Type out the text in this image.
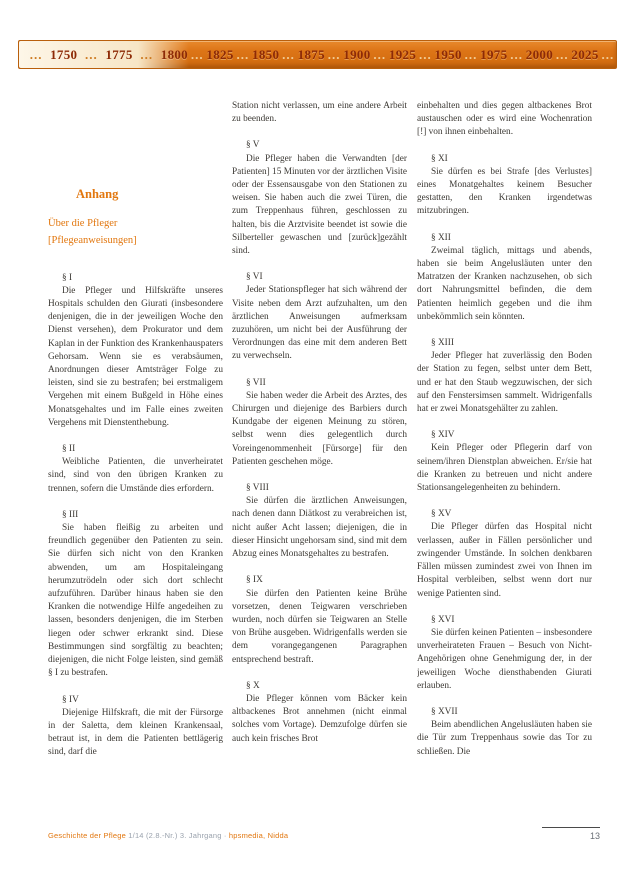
... 1750 ... 1775 ... 1800 ... 1825 ... 1850 ... 1875 ... 1900 ... 1925 ... 1950 ... 1975 ... 2000 ... 2025 ...
Anhang
Über die Pfleger
[Pflegeanweisungen]
§ I

Die Pfleger und Hilfskräfte unseres Hospitals schulden den Giurati (insbesondere denjenigen, die in der jeweiligen Woche den Dienst versehen), dem Prokurator und dem Kaplan in der Funktion des Krankenhauspaters Gehorsam. Wenn sie es verabsäumen, Anordnungen dieser Amtsträger Folge zu leisten, sind sie zu bestrafen; bei erstmaligem Vergehen mit einem Bußgeld in Höhe eines Monatsgehaltes und im Falle eines zweiten Vergehens mit Dienstenthebung.

§ II

Weibliche Patienten, die unverheiratet sind, sind von den übrigen Kranken zu trennen, sofern die Umstände dies erfordern.

§ III

Sie haben fleißig zu arbeiten und freundlich gegenüber den Patienten zu sein. Sie dürfen sich nicht von den Kranken abwenden, um am Hospitaleingang herumzutrödeln oder sich dort schlecht aufzuführen. Darüber hinaus haben sie den Kranken die notwendige Hilfe angedeihen zu lassen, besonders denjenigen, die im Sterben liegen oder schwer erkrankt sind. Diese Bestimmungen sind sorgfältig zu beachten; diejenigen, die nicht Folge leisten, sind gemäß § I zu bestrafen.

§ IV

Diejenige Hilfskraft, die mit der Fürsorge in der Saletta, dem kleinen Krankensaal, betraut ist, in dem die Patienten bettlägerig sind, darf die

Station nicht verlassen, um eine andere Arbeit zu beenden.

§ V

Die Pfleger haben die Verwandten [der Patienten] 15 Minuten vor der ärztlichen Visite oder der Essensausgabe von den Stationen zu weisen. Sie haben auch die zwei Türen, die zum Treppenhaus führen, geschlossen zu halten, bis die Arztvisite beendet ist sowie die Silberteller gewaschen und [zurück]gezählt sind.

§ VI

Jeder Stationspfleger hat sich während der Visite neben dem Arzt aufzuhalten, um den ärztlichen Anweisungen aufmerksam zuzuhören, um nicht bei der Ausführung der Verordnungen das eine mit dem anderen Bett zu verwechseln.

§ VII

Sie haben weder die Arbeit des Arztes, des Chirurgen und diejenige des Barbiers durch Kundgabe der eigenen Meinung zu stören, selbst wenn dies gelegentlich durch Voreingenommenheit [Fürsorge] für den Patienten geschehen möge.

§ VIII

Sie dürfen die ärztlichen Anweisungen, nach denen dann Diätkost zu verabreichen ist, nicht außer Acht lassen; diejenigen, die in dieser Hinsicht ungehorsam sind, sind mit dem Abzug eines Monatsgehaltes zu bestrafen.

§ IX

Sie dürfen den Patienten keine Brühe vorsetzen, denen Teigwaren verschrieben wurden, noch dürfen sie Teigwaren an Stelle von Brühe ausgeben. Widrigenfalls werden sie dem vorangegangenen Paragraphen entsprechend bestraft.

§ X

Die Pfleger können vom Bäcker kein altbackenes Brot annehmen (nicht einmal solches vom Vortage). Demzufolge dürfen sie auch kein frisches Brot

einbehalten und dies gegen altbackenes Brot austauschen oder es wird eine Wochenration [!] von ihnen einbehalten.

§ XI

Sie dürfen es bei Strafe [des Verlustes] eines Monatgehaltes keinem Besucher gestatten, den Kranken irgendetwas mitzubringen.

§ XII

Zweimal täglich, mittags und abends, haben sie beim Angelusläuten unter den Matratzen der Kranken nachzusehen, ob sich dort Nahrungsmittel befinden, die dem Patienten heimlich gegeben und die ihm unbekömmlich sein könnten.

§ XIII

Jeder Pfleger hat zuverlässig den Boden der Station zu fegen, selbst unter dem Bett, und er hat den Staub wegzuwischen, der sich auf den Fenstersimsen sammelt. Widrigenfalls hat er zwei Monatsgehälter zu zahlen.

§ XIV

Kein Pfleger oder Pflegerin darf von seinem/ihren Dienstplan abweichen. Er/sie hat die Kranken zu betreuen und nicht andere Stationsangelegenheiten zu behindern.

§ XV

Die Pfleger dürfen das Hospital nicht verlassen, außer in Fällen persönlicher und zwingender Umstände. In solchen denkbaren Fällen müssen zumindest zwei von Ihnen im Hospital verbleiben, selbst wenn dort nur wenige Patienten sind.

§ XVI

Sie dürfen keinen Patienten – insbesondere unverheirateten Frauen – Besuch von Nicht-Angehörigen ohne Genehmigung der, in der jeweiligen Woche diensthabenden Giurati erlauben.

§ XVII

Beim abendlichen Angelusläuten haben sie die Tür zum Treppenhaus sowie das Tor zu schließen. Die

Geschichte der Pflege 1/14 (2.8.-Nr.) 3. Jahrgang · hpsmedia, Nidda	13
